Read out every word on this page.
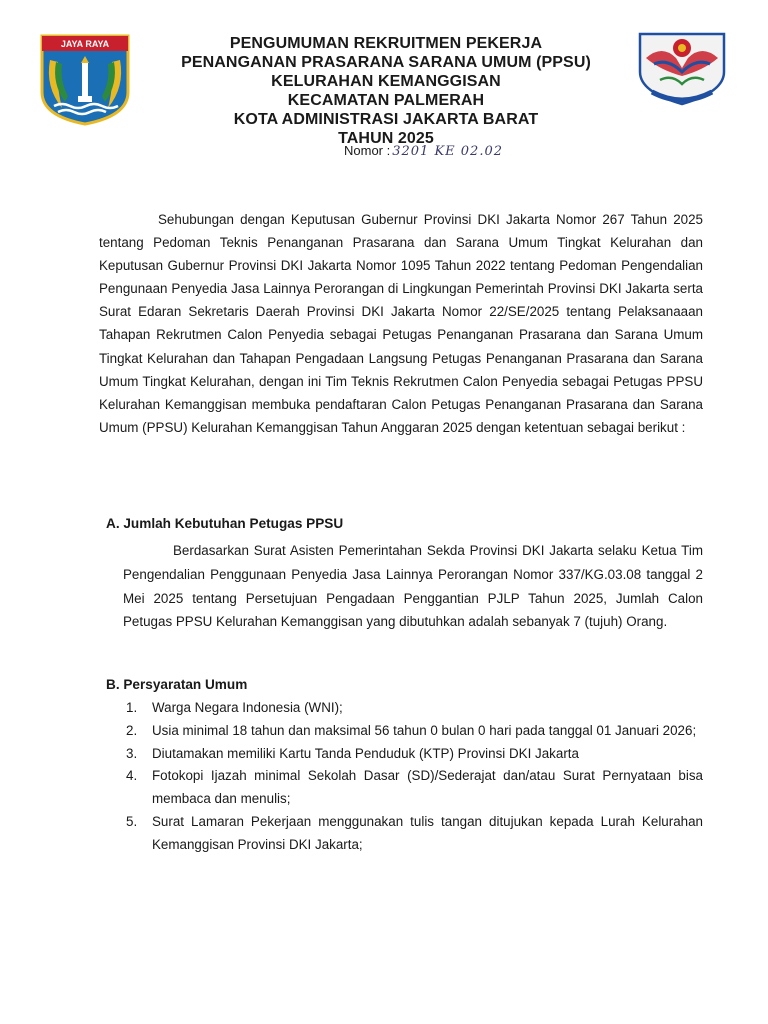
JAYA RAYA	PENGUMUMAN REKRUITMEN PEKERJA
PENANGANAN PRASARANA SARANA UMUM (PPSU)
KELURAHAN KEMANGGISAN
KECAMATAN PALMERAH
KOTA ADMINISTRASI JAKARTA BARAT
TAHUN 2025
Nomor : 3201 KE 02.02

Sehubungan dengan Keputusan Gubernur Provinsi DKI Jakarta Nomor 267 Tahun 2025 tentang Pedoman Teknis Penanganan Prasarana dan Sarana Umum Tingkat Kelurahan dan Keputusan Gubernur Provinsi DKI Jakarta Nomor 1095 Tahun 2022 tentang Pedoman Pengendalian Pengunaan Penyedia Jasa Lainnya Perorangan di Lingkungan Pemerintah Provinsi DKI Jakarta serta Surat Edaran Sekretaris Daerah Provinsi DKI Jakarta Nomor 22/SE/2025 tentang Pelaksanaaan Tahapan Rekrutmen Calon Penyedia sebagai Petugas Penanganan Prasarana dan Sarana Umum Tingkat Kelurahan dan Tahapan Pengadaan Langsung Petugas Penanganan Prasarana dan Sarana Umum Tingkat Kelurahan, dengan ini Tim Teknis Rekrutmen Calon Penyedia sebagai Petugas PPSU Kelurahan Kemanggisan membuka pendaftaran Calon Petugas Penanganan Prasarana dan Sarana Umum (PPSU) Kelurahan Kemanggisan Tahun Anggaran 2025 dengan ketentuan sebagai berikut :

A. Jumlah Kebutuhan Petugas PPSU

Berdasarkan Surat Asisten Pemerintahan Sekda Provinsi DKI Jakarta selaku Ketua Tim Pengendalian Penggunaan Penyedia Jasa Lainnya Perorangan Nomor 337/KG.03.08 tanggal 2 Mei 2025 tentang Persetujuan Pengadaan Penggantian PJLP Tahun 2025, Jumlah Calon Petugas PPSU Kelurahan Kemanggisan yang dibutuhkan adalah sebanyak 7 (tujuh) Orang.

B. Persyaratan Umum
1. Warga Negara Indonesia (WNI);
2. Usia minimal 18 tahun dan maksimal 56 tahun 0 bulan 0 hari pada tanggal 01 Januari 2026;
3. Diutamakan memiliki Kartu Tanda Penduduk (KTP) Provinsi DKI Jakarta
4. Fotokopi Ijazah minimal Sekolah Dasar (SD)/Sederajat dan/atau Surat Pernyataan bisa membaca dan menulis;
5. Surat Lamaran Pekerjaan menggunakan tulis tangan ditujukan kepada Lurah Kelurahan Kemanggisan Provinsi DKI Jakarta;
